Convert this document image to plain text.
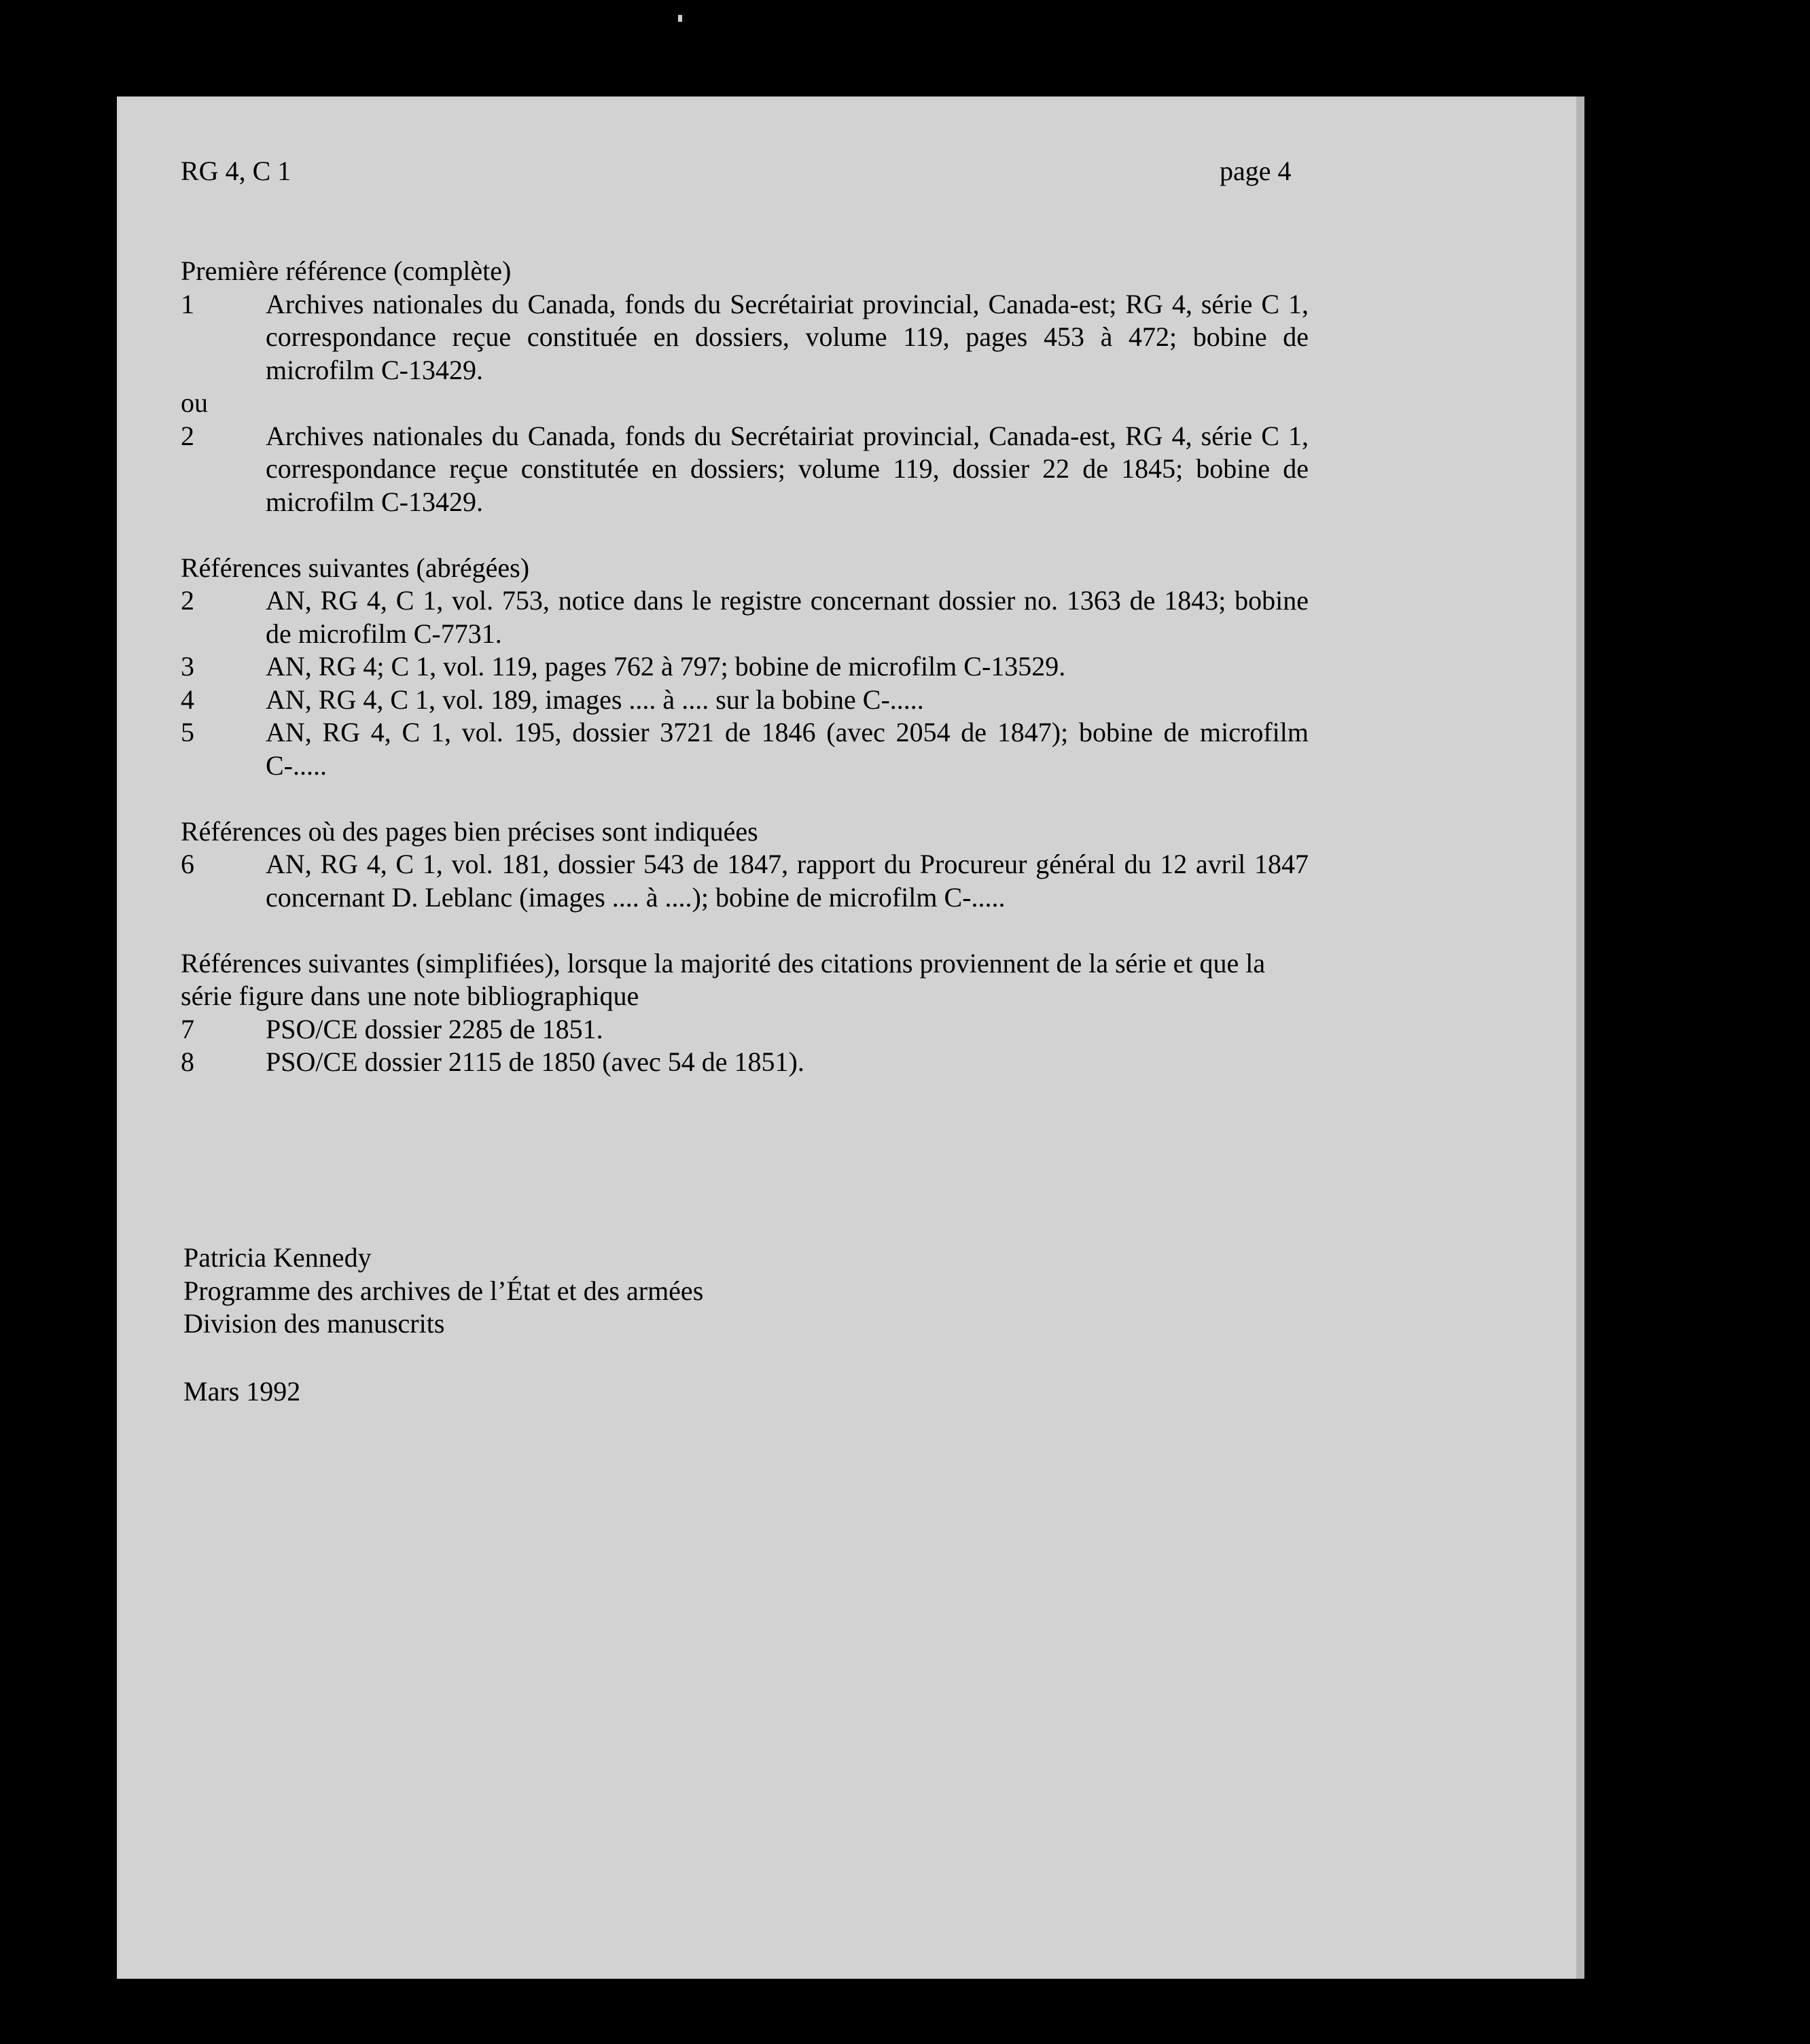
RG 4, C 1	page 4
Première référence (complète)
1	Archives nationales du Canada, fonds du Secrétairiat provincial, Canada-est; RG 4, série C 1, correspondance reçue constituée en dossiers, volume 119, pages 453 à 472; bobine de microfilm C-13429.
ou
2	Archives nationales du Canada, fonds du Secrétairiat provincial, Canada-est, RG 4, série C 1, correspondance reçue constitutée en dossiers; volume 119, dossier 22 de 1845; bobine de microfilm C-13429.
Références suivantes (abrégées)
2	AN, RG 4, C 1, vol. 753, notice dans le registre concernant dossier no. 1363 de 1843; bobine de microfilm C-7731.
3	AN, RG 4; C 1, vol. 119, pages 762 à 797; bobine de microfilm C-13529.
4	AN, RG 4, C 1, vol. 189, images .... à .... sur la bobine C-.....
5	AN, RG 4, C 1, vol. 195, dossier 3721 de 1846 (avec 2054 de 1847); bobine de microfilm C-.....
Références où des pages bien précises sont indiquées
6	AN, RG 4, C 1, vol. 181, dossier 543 de 1847, rapport du Procureur général du 12 avril 1847 concernant D. Leblanc (images .... à ....); bobine de microfilm C-.....
Références suivantes (simplifiées), lorsque la majorité des citations proviennent de la série et que la série figure dans une note bibliographique
7	PSO/CE dossier 2285 de 1851.
8	PSO/CE dossier 2115 de 1850 (avec 54 de 1851).
Patricia Kennedy
Programme des archives de l’État et des armées
Division des manuscrits
Mars 1992
